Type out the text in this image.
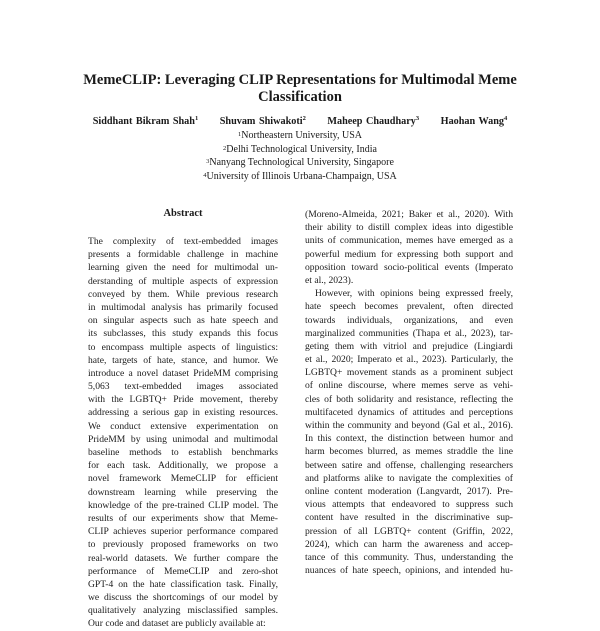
MemeCLIP: Leveraging CLIP Representations for Multimodal Meme
Classification
Siddhant Bikram Shah$^1$ Shuvam Shiwakoti$^2$ Maheep Chaudhary$^3$ Haohan Wang$^4$
$^1$Northeastern University, USA
$^2$Delhi Technological University, India
$^3$Nanyang Technological University, Singapore
$^4$University of Illinois Urbana-Champaign, USA
Abstract
The complexity of text-embedded images
presents a formidable challenge in machine
learning given the need for multimodal un-
derstanding of multiple aspects of expression
conveyed by them. While previous research
in multimodal analysis has primarily focused
on singular aspects such as hate speech and
its subclasses, this study expands this focus
to encompass multiple aspects of linguistics:
hate, targets of hate, stance, and humor. We
introduce a novel dataset PrideMM comprising
5,063 text-embedded images associated
with the LGBTQ+ Pride movement, thereby
addressing a serious gap in existing resources.
We conduct extensive experimentation on
PrideMM by using unimodal and multimodal
baseline methods to establish benchmarks
for each task. Additionally, we propose a
novel framework MemeCLIP for efficient
downstream learning while preserving the
knowledge of the pre-trained CLIP model. The
results of our experiments show that Meme-
CLIP achieves superior performance compared
to previously proposed frameworks on two
real-world datasets. We further compare the
performance of MemeCLIP and zero-shot
GPT-4 on the hate classification task. Finally,
we discuss the shortcomings of our model by
qualitatively analyzing misclassified samples.
Our code and dataset are publicly available at:
(Moreno-Almeida, 2021; Baker et al., 2020). With
their ability to distill complex ideas into digestible
units of communication, memes have emerged as a
powerful medium for expressing both support and
opposition toward socio-political events (Imperato
et al., 2023).
However, with opinions being expressed freely,
hate speech becomes prevalent, often directed
towards individuals, organizations, and even
marginalized communities (Thapa et al., 2023), tar-
geting them with vitriol and prejudice (Lingiardi
et al., 2020; Imperato et al., 2023). Particularly, the
LGBTQ+ movement stands as a prominent subject
of online discourse, where memes serve as vehi-
cles of both solidarity and resistance, reflecting the
multifaceted dynamics of attitudes and perceptions
within the community and beyond (Gal et al., 2016).
In this context, the distinction between humor and
harm becomes blurred, as memes straddle the line
between satire and offense, challenging researchers
and platforms alike to navigate the complexities of
online content moderation (Langvardt, 2017). Pre-
vious attempts that endeavored to suppress such
content have resulted in the discriminative sup-
pression of all LGBTQ+ content (Griffin, 2022,
2024), which can harm the awareness and accep-
tance of this community. Thus, understanding the
nuances of hate speech, opinions, and intended hu-
